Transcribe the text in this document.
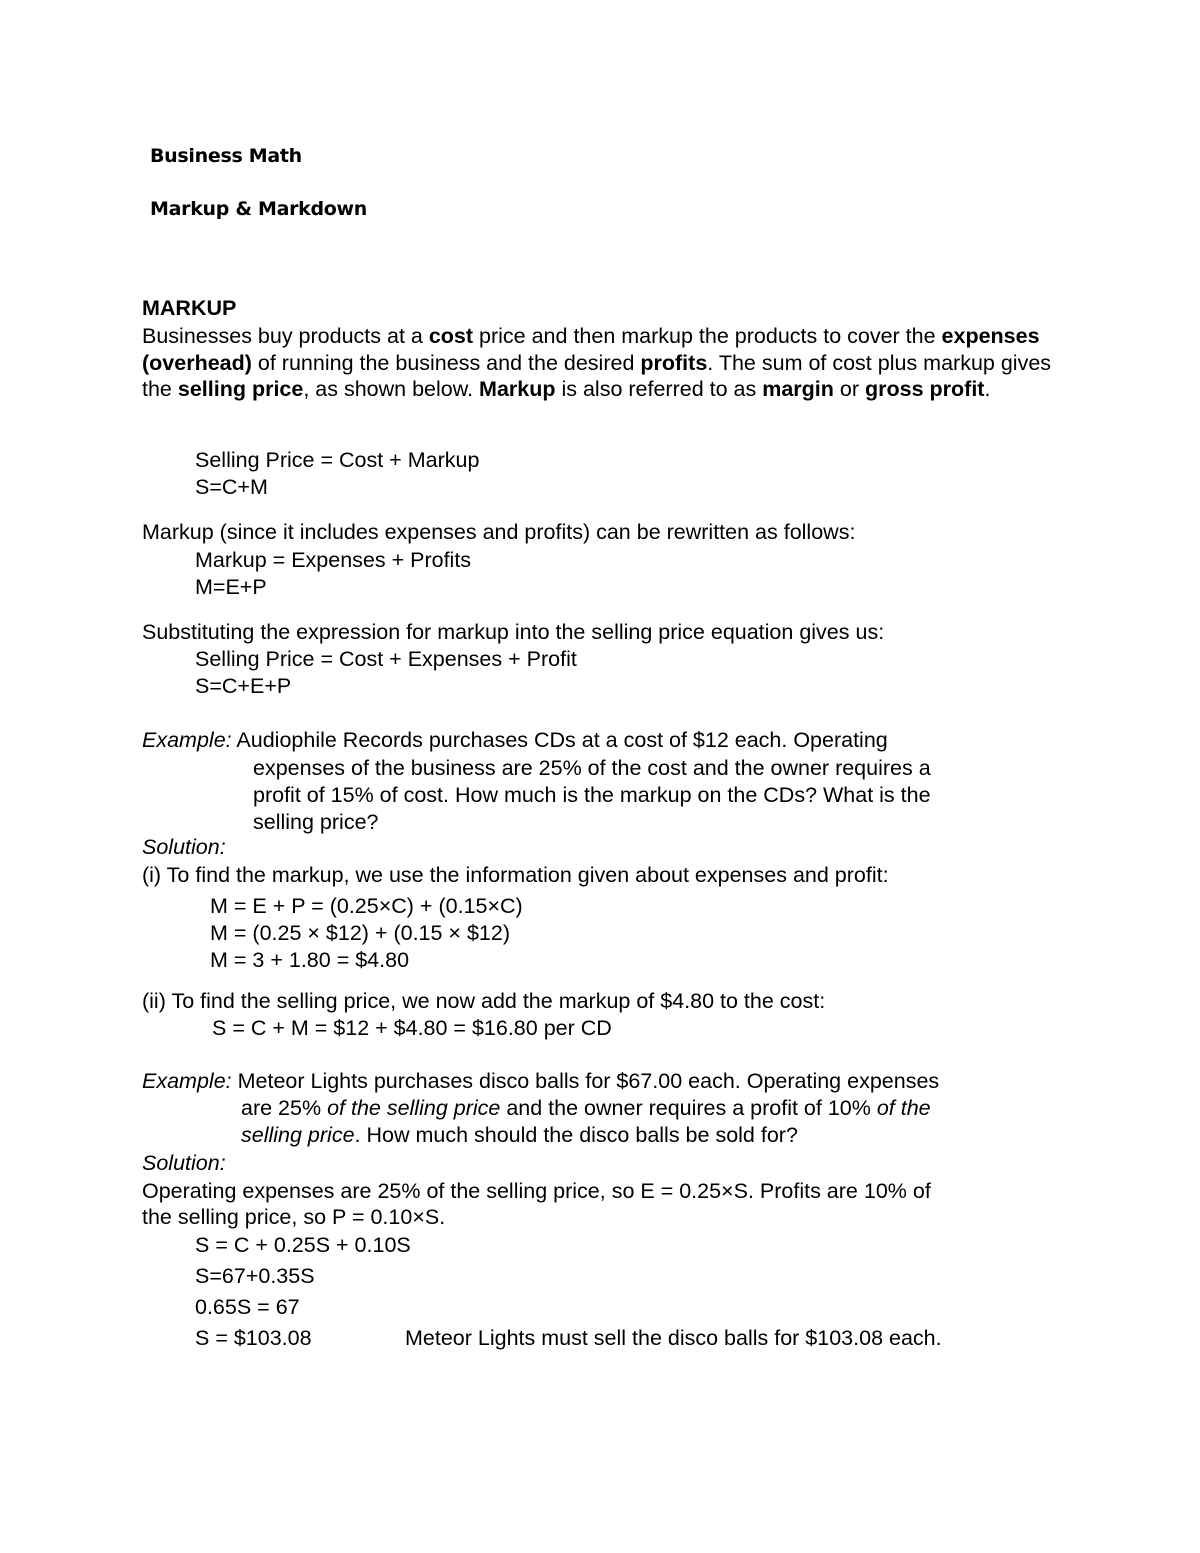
Business Math
Markup & Markdown
MARKUP
Businesses buy products at a cost price and then markup the products to cover the expenses (overhead) of running the business and the desired profits. The sum of cost plus markup gives the selling price, as shown below. Markup is also referred to as margin or gross profit.
Selling Price = Cost + Markup
S=C+M
Markup (since it includes expenses and profits) can be rewritten as follows:
Markup = Expenses + Profits
M=E+P
Substituting the expression for markup into the selling price equation gives us:
Selling Price = Cost + Expenses + Profit
S=C+E+P
Example: Audiophile Records purchases CDs at a cost of $12 each. Operating
expenses of the business are 25% of the cost and the owner requires a
profit of 15% of cost. How much is the markup on the CDs? What is the
selling price?
Solution:
(i) To find the markup, we use the information given about expenses and profit:
M = E + P = (0.25×C) + (0.15×C)
M = (0.25 × $12) + (0.15 × $12)
M = 3 + 1.80 = $4.80
(ii) To find the selling price, we now add the markup of $4.80 to the cost:
S = C + M = $12 + $4.80 = $16.80 per CD
Example: Meteor Lights purchases disco balls for $67.00 each. Operating expenses
are 25% of the selling price and the owner requires a profit of 10% of the
selling price. How much should the disco balls be sold for?
Solution:
Operating expenses are 25% of the selling price, so E = 0.25×S. Profits are 10% of
the selling price, so P = 0.10×S.
S = C + 0.25S + 0.10S
S=67+0.35S
0.65S = 67
S = $103.08	Meteor Lights must sell the disco balls for $103.08 each.
